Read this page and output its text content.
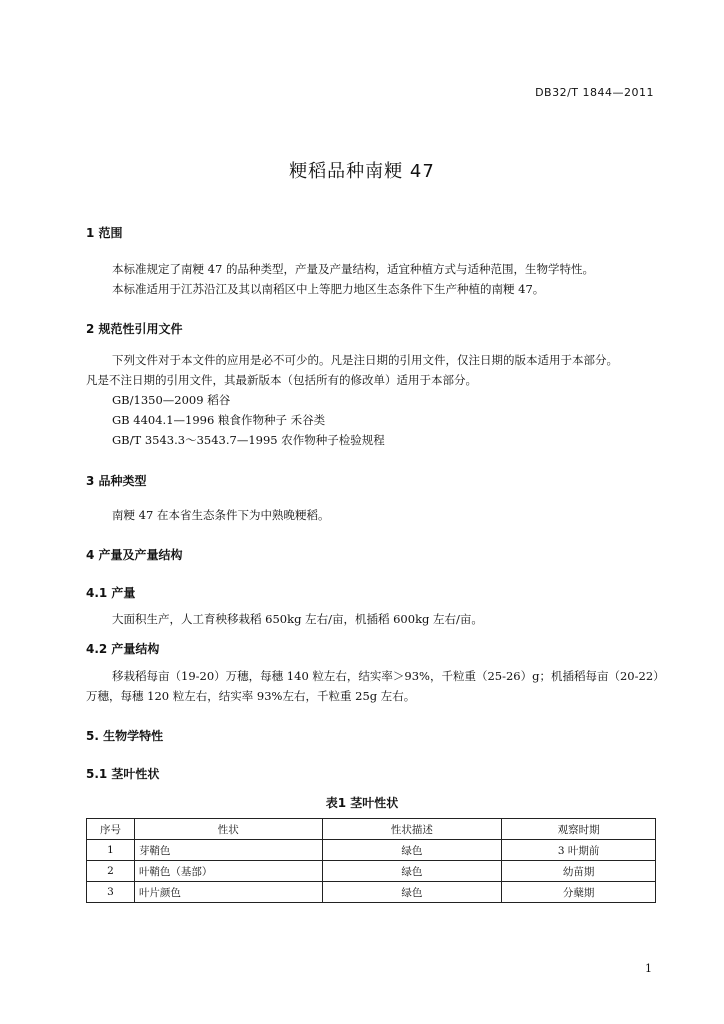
DB32/T 1844—2011
粳稻品种南粳 47
1 范围
本标准规定了南粳 47 的品种类型，产量及产量结构，适宜种植方式与适种范围，生物学特性。
本标准适用于江苏沿江及其以南稻区中上等肥力地区生态条件下生产种植的南粳 47。
2 规范性引用文件
下列文件对于本文件的应用是必不可少的。凡是注日期的引用文件，仅注日期的版本适用于本部分。
凡是不注日期的引用文件，其最新版本（包括所有的修改单）适用于本部分。
GB/1350—2009 稻谷
GB 4404.1—1996 粮食作物种子 禾谷类
GB/T 3543.3～3543.7—1995 农作物种子检验规程
3 品种类型
南粳 47 在本省生态条件下为中熟晚粳稻。
4 产量及产量结构
4.1 产量
大面积生产，人工育秧移栽稻 650kg 左右/亩，机插稻 600kg 左右/亩。
4.2 产量结构
移栽稻每亩（19-20）万穗，每穗 140 粒左右，结实率＞93%，千粒重（25-26）g；机插稻每亩（20-22）
万穗，每穗 120 粒左右，结实率 93%左右，千粒重 25g 左右。
5. 生物学特性
5.1 茎叶性状
表1 茎叶性状
序号	性状	性状描述	观察时期
1	芽鞘色	绿色	3 叶期前
2	叶鞘色（基部）	绿色	幼苗期
3	叶片颜色	绿色	分蘖期
1
